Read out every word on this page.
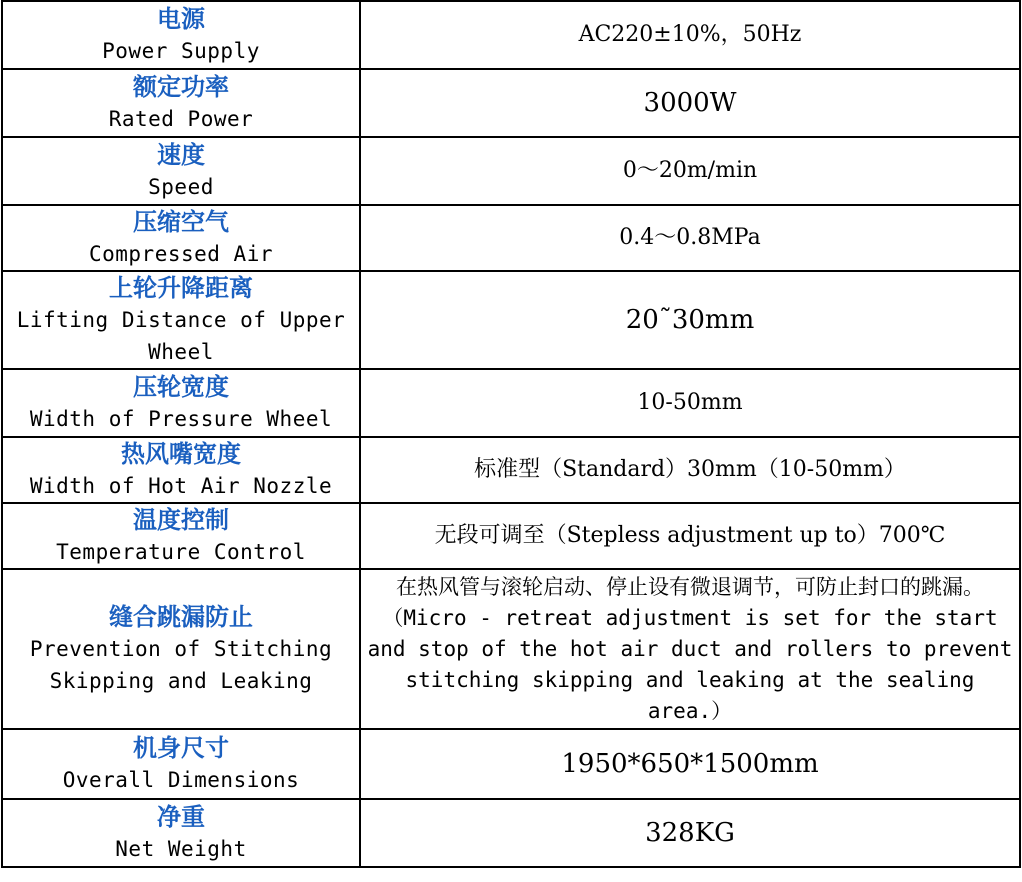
电源
Power Supply	AC220±10%，50Hz

额定功率
Rated Power	3000W

速度
Speed	0～20m/min

压缩空气
Compressed Air	0.4～0.8MPa

上轮升降距离
Lifting Distance of Upper Wheel	20˜30mm

压轮宽度
Width of Pressure Wheel	10-50mm

热风嘴宽度
Width of Hot Air Nozzle	标准型（Standard）30mm（10-50mm）

温度控制
Temperature Control	无段可调至（Stepless adjustment up to）700℃

缝合跳漏防止
Prevention of Stitching Skipping and Leaking	在热风管与滚轮启动、停止设有微退调节，可防止封口的跳漏。（Micro - retreat adjustment is set for the start and stop of the hot air duct and rollers to prevent stitching skipping and leaking at the sealing area.）

机身尺寸
Overall Dimensions	1950*650*1500mm

净重
Net Weight	328KG
